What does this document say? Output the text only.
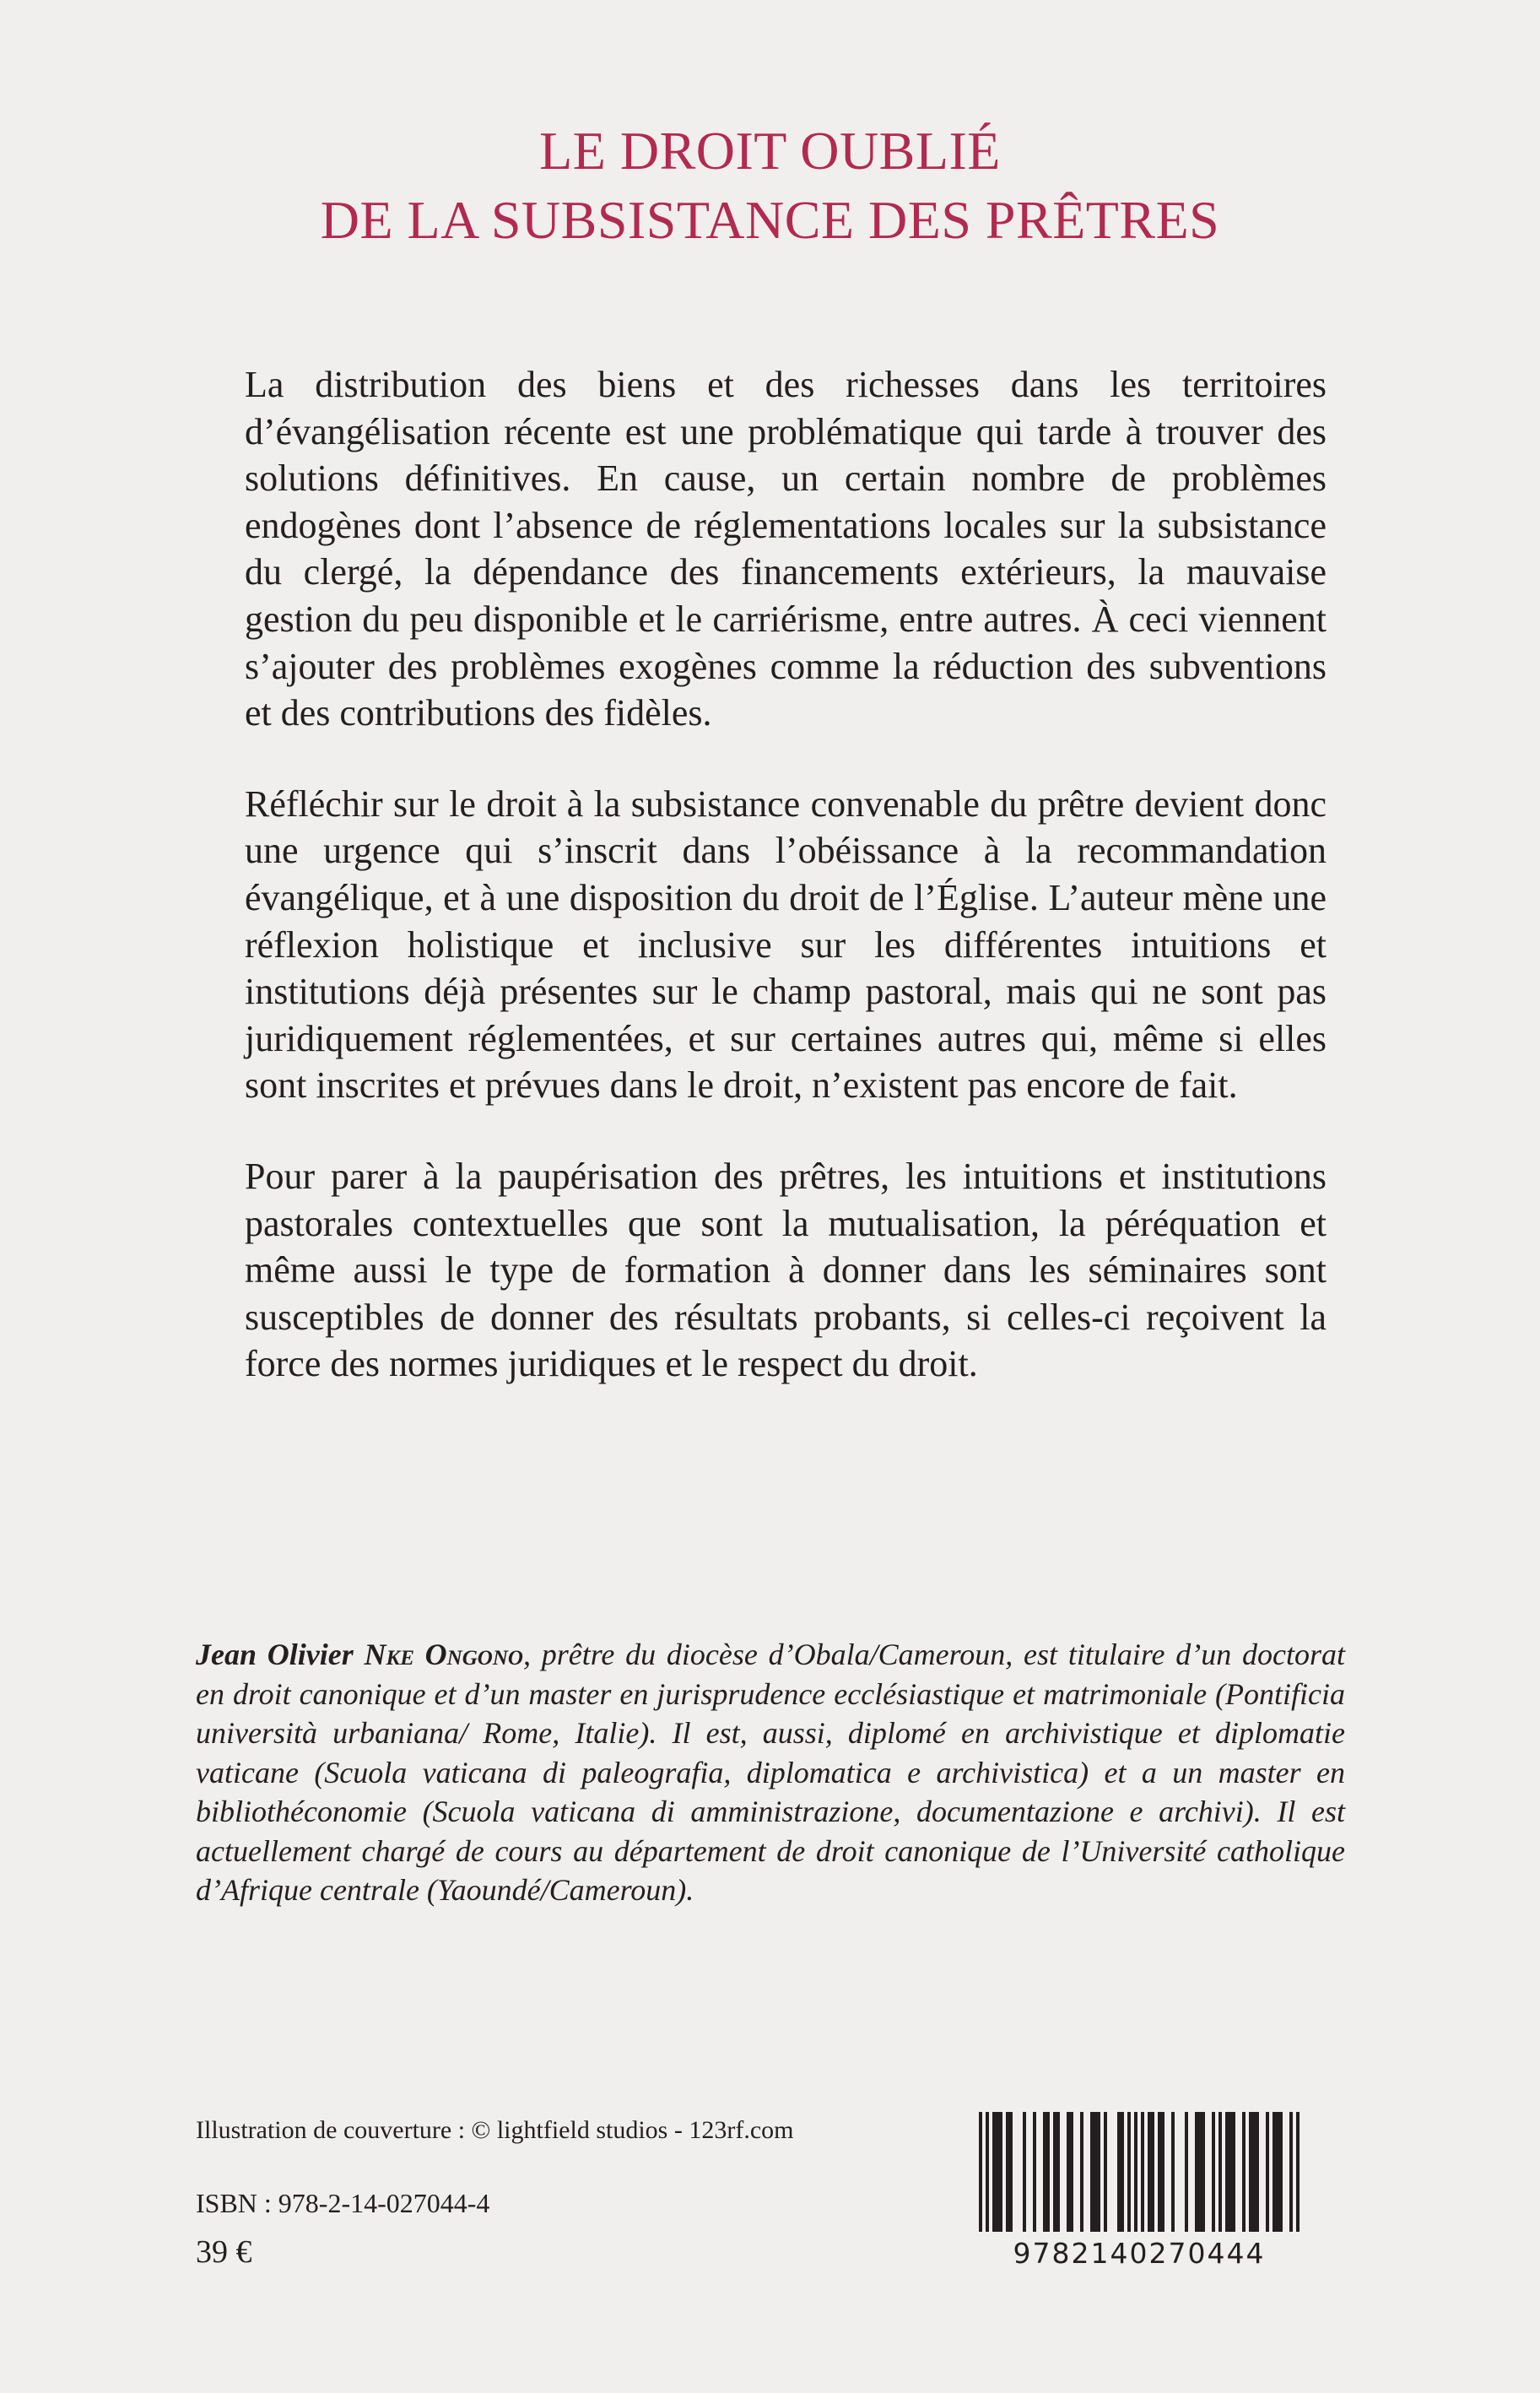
LE DROIT OUBLIÉ
DE LA SUBSISTANCE DES PRÊTRES

La distribution des biens et des richesses dans les territoires d’évangélisation récente est une problématique qui tarde à trouver des solutions définitives. En cause, un certain nombre de problèmes endogènes dont l’absence de réglementations locales sur la subsistance du clergé, la dépendance des financements extérieurs, la mauvaise gestion du peu disponible et le carriérisme, entre autres. À ceci viennent s’ajouter des problèmes exogènes comme la réduction des subventions et des contributions des fidèles.

Réfléchir sur le droit à la subsistance convenable du prêtre devient donc une urgence qui s’inscrit dans l’obéissance à la recommandation évangélique, et à une disposition du droit de l’Église. L’auteur mène une réflexion holistique et inclusive sur les différentes intuitions et institutions déjà présentes sur le champ pastoral, mais qui ne sont pas juridiquement réglementées, et sur certaines autres qui, même si elles sont inscrites et prévues dans le droit, n’existent pas encore de fait.

Pour parer à la paupérisation des prêtres, les intuitions et institutions pastorales contextuelles que sont la mutualisation, la péréquation et même aussi le type de formation à donner dans les séminaires sont susceptibles de donner des résultats probants, si celles-ci reçoivent la force des normes juridiques et le respect du droit.

Jean Olivier Nke Ongono, prêtre du diocèse d’Obala/Cameroun, est titulaire d’un doctorat en droit canonique et d’un master en jurisprudence ecclésiastique et matrimoniale (Pontificia università urbaniana/ Rome, Italie). Il est, aussi, diplomé en archivistique et diplomatie vaticane (Scuola vaticana di paleografia, diplomatica e archivistica) et a un master en bibliothéconomie (Scuola vaticana di amministrazione, documentazione e archivi). Il est actuellement chargé de cours au département de droit canonique de l’Université catholique d’Afrique centrale (Yaoundé/Cameroun).

Illustration de couverture : © lightfield studios - 123rf.com
ISBN : 978-2-14-027044-4
39 €	9782140270444
